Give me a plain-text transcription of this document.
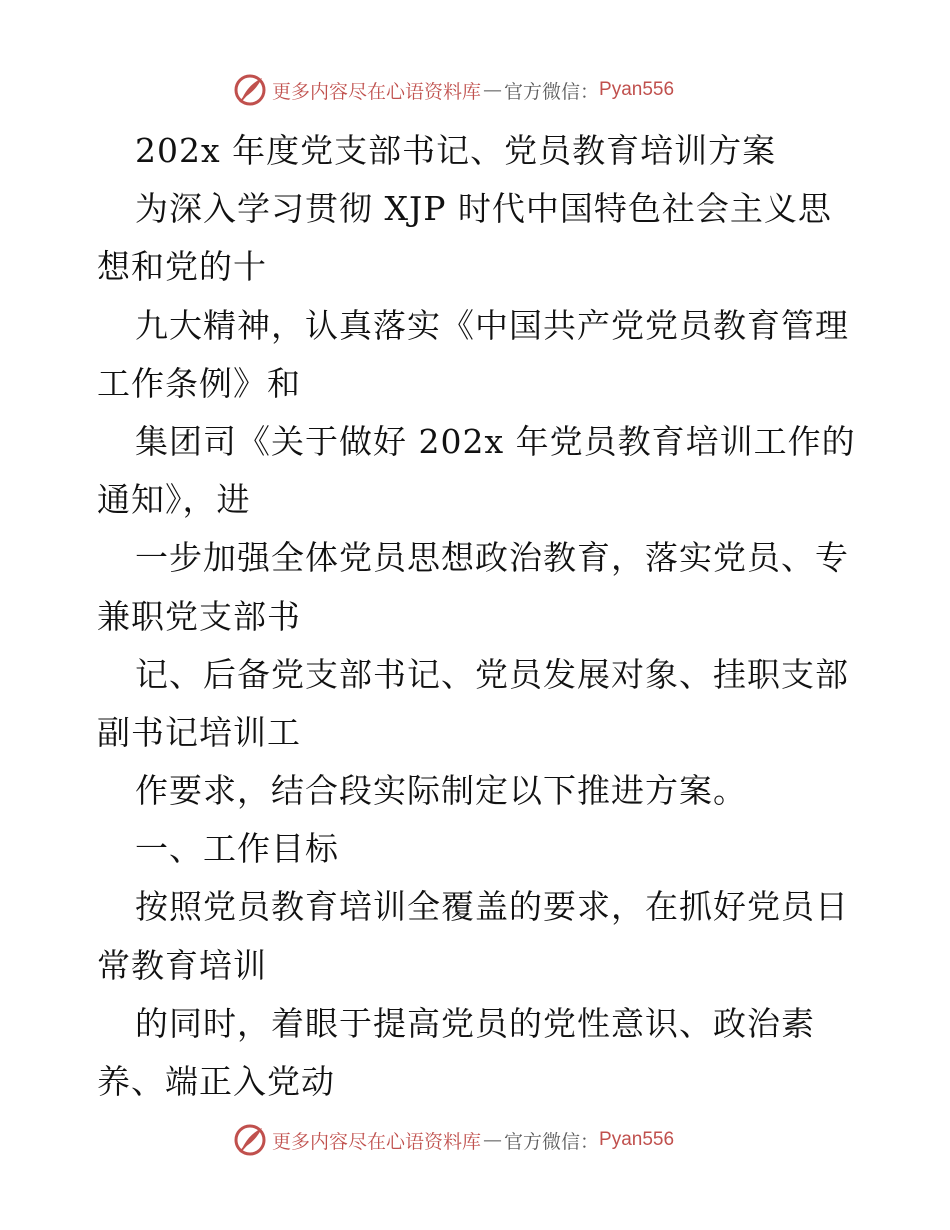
更多内容尽在心语资料库 — 官方微信： Pyan556
202x 年度党支部书记、党员教育培训方案
为深入学习贯彻 XJP 时代中国特色社会主义思
想和党的十
九大精神，认真落实《中国共产党党员教育管理
工作条例》和
集团司《关于做好 202x 年党员教育培训工作的
通知》，进
一步加强全体党员思想政治教育，落实党员、专
兼职党支部书
记、后备党支部书记、党员发展对象、挂职支部
副书记培训工
作要求，结合段实际制定以下推进方案。
一、工作目标
按照党员教育培训全覆盖的要求，在抓好党员日
常教育培训
的同时，着眼于提高党员的党性意识、政治素
养、端正入党动
更多内容尽在心语资料库 — 官方微信： Pyan556
